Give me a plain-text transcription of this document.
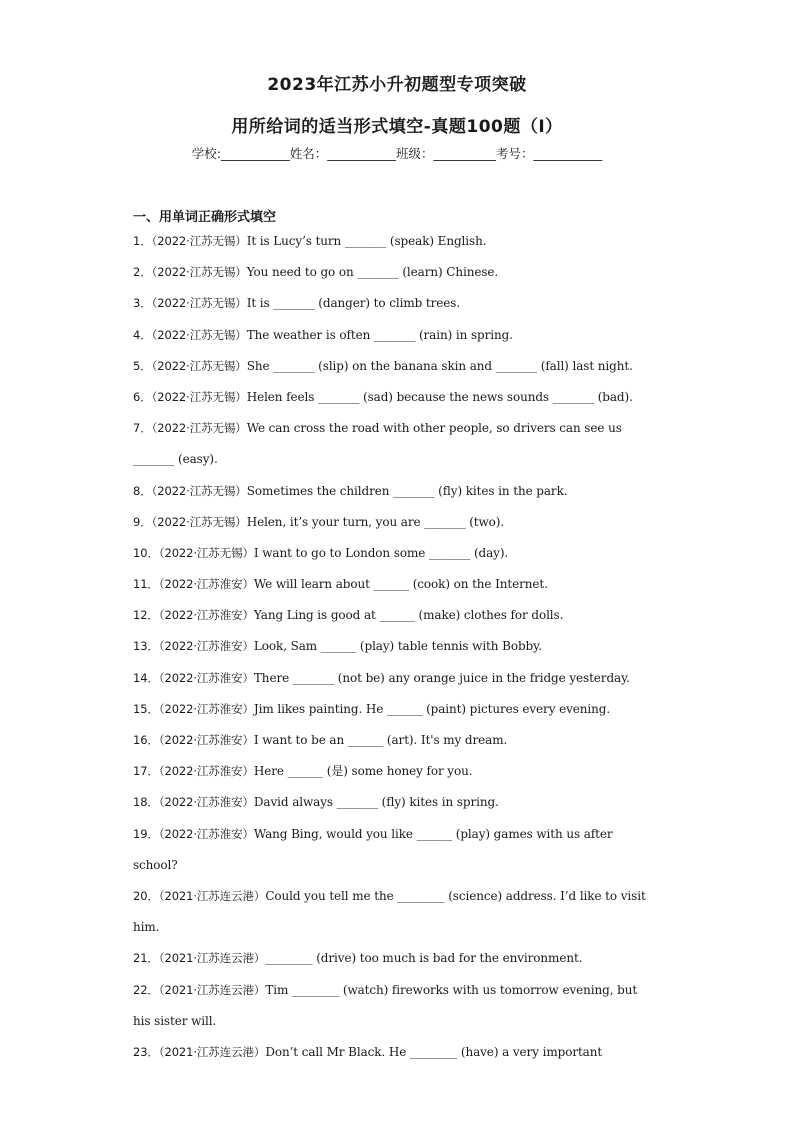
2023年江苏小升初题型专项突破
用所给词的适当形式填空-真题100题（Ⅰ）
学校:___________姓名：___________班级：__________考号：___________
一、用单词正确形式填空
1．（2022·江苏无锡）It is Lucy’s turn _______ (speak) English.
2．（2022·江苏无锡）You need to go on _______ (learn) Chinese.
3．（2022·江苏无锡）It is _______ (danger) to climb trees.
4．（2022·江苏无锡）The weather is often _______ (rain) in spring.
5．（2022·江苏无锡）She _______ (slip) on the banana skin and _______ (fall) last night.
6．（2022·江苏无锡）Helen feels _______ (sad) because the news sounds _______ (bad).
7．（2022·江苏无锡）We can cross the road with other people, so drivers can see us
_______ (easy).
8．（2022·江苏无锡）Sometimes the children _______ (fly) kites in the park.
9．（2022·江苏无锡）Helen, it’s your turn, you are _______ (two).
10．（2022·江苏无锡）I want to go to London some _______ (day).
11．（2022·江苏淮安）We will learn about ______ (cook) on the Internet.
12．（2022·江苏淮安）Yang Ling is good at ______ (make) clothes for dolls.
13．（2022·江苏淮安）Look, Sam ______ (play) table tennis with Bobby.
14．（2022·江苏淮安）There _______ (not be) any orange juice in the fridge yesterday.
15．（2022·江苏淮安）Jim likes painting. He ______ (paint) pictures every evening.
16．（2022·江苏淮安）I want to be an ______ (art). It's my dream.
17．（2022·江苏淮安）Here ______ (是) some honey for you.
18．（2022·江苏淮安）David always _______ (fly) kites in spring.
19．（2022·江苏淮安）Wang Bing, would you like ______ (play) games with us after
school?
20．（2021·江苏连云港）Could you tell me the ________ (science) address. I’d like to visit
him.
21．（2021·江苏连云港）________ (drive) too much is bad for the environment.
22．（2021·江苏连云港）Tim ________ (watch) fireworks with us tomorrow evening, but
his sister will.
23．（2021·江苏连云港）Don’t call Mr Black. He ________ (have) a very important
